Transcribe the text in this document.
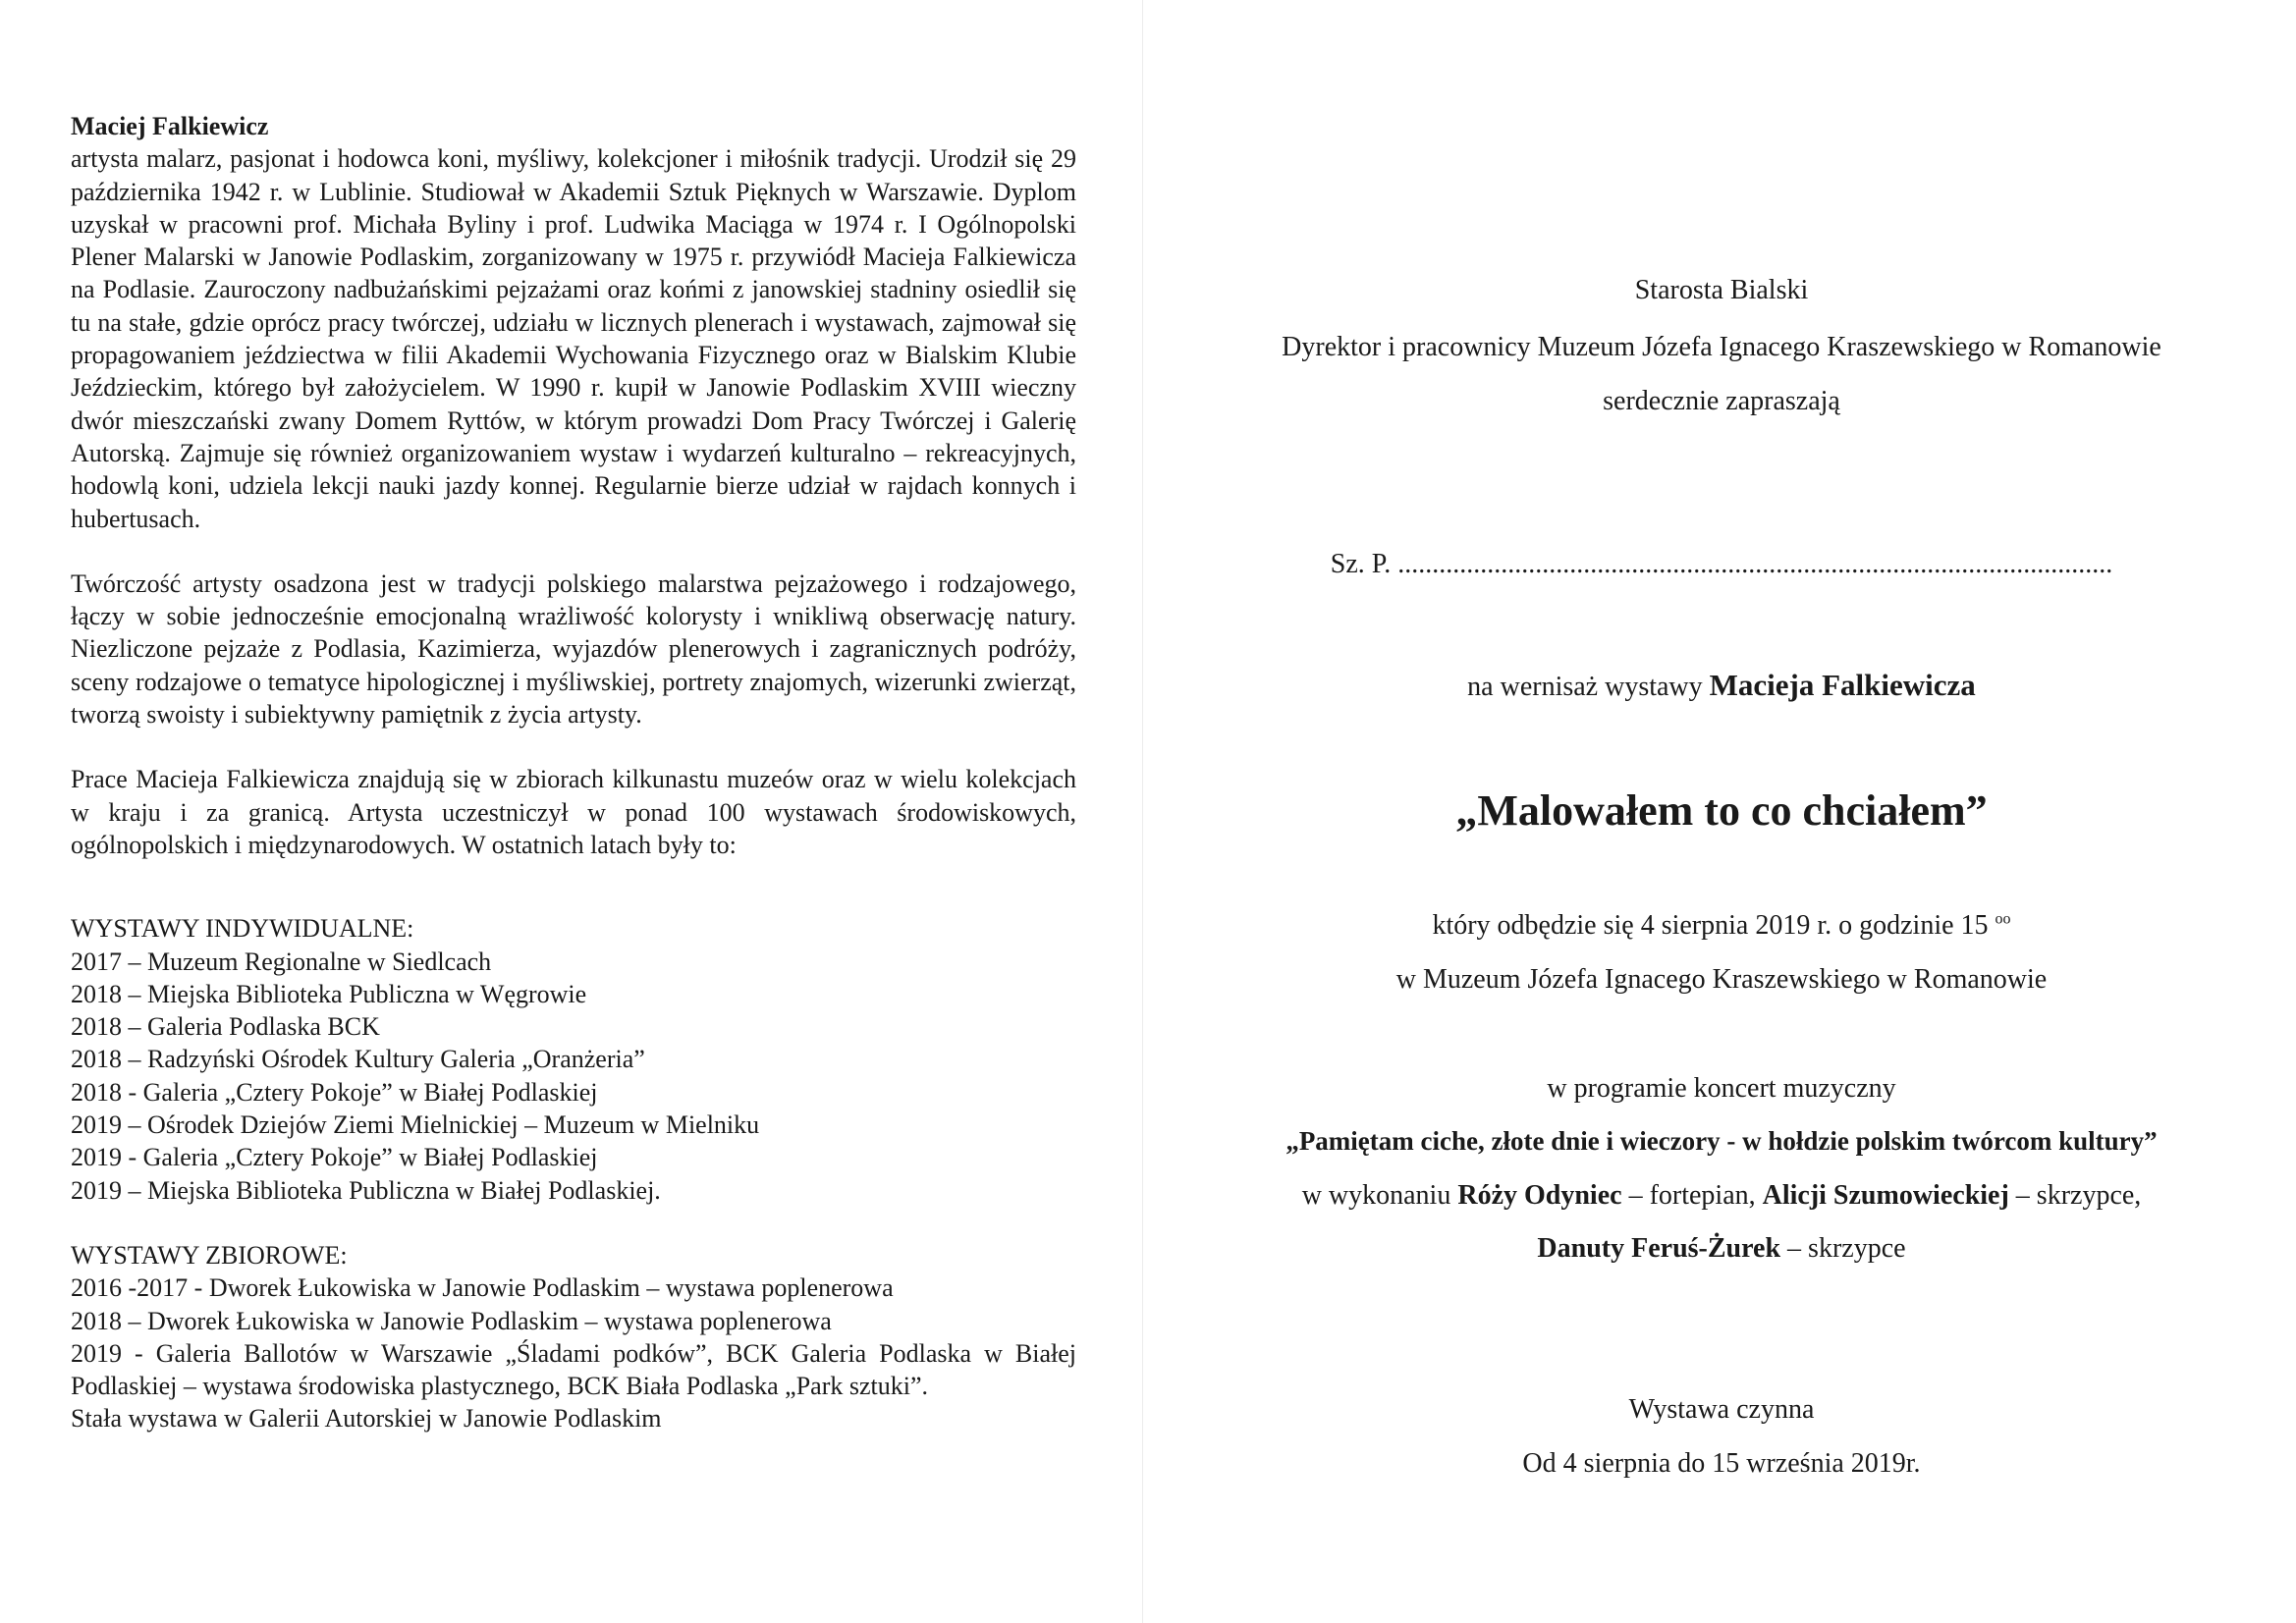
Maciej Falkiewicz

artysta malarz, pasjonat i hodowca koni, myśliwy, kolekcjoner i miłośnik tradycji. Urodził się 29 października 1942 r. w Lublinie. Studiował w Akademii Sztuk Pięknych w Warszawie. Dyplom uzyskał w pracowni prof. Michała Byliny i prof. Ludwika Maciąga w 1974 r. I Ogólnopolski Plener Malarski w Janowie Podlaskim, zorganizowany w 1975 r. przywiódł Macieja Falkiewicza na Podlasie. Zauroczony nadbużańskimi pejzażami oraz końmi z janowskiej stadniny osiedlił się tu na stałe, gdzie oprócz pracy twórczej, udziału w licznych plenerach i wystawach, zajmował się propagowaniem jeździectwa w filii Akademii Wychowania Fizycznego oraz w Bialskim Klubie Jeździeckim, którego był założycielem. W 1990 r. kupił w Janowie Podlaskim XVIII wieczny dwór mieszczański zwany Domem Ryttów, w którym prowadzi Dom Pracy Twórczej i Galerię Autorską. Zajmuje się również organizowaniem wystaw i wydarzeń kulturalno – rekreacyjnych, hodowlą koni, udziela lekcji nauki jazdy konnej. Regularnie bierze udział w rajdach konnych i hubertusach.

Twórczość artysty osadzona jest w tradycji polskiego malarstwa pejzażowego i rodzajowego, łączy w sobie jednocześnie emocjonalną wrażliwość kolorysty i wnikliwą obserwację natury. Niezliczone pejzaże z Podlasia, Kazimierza, wyjazdów plenerowych i zagranicznych podróży, sceny rodzajowe o tematyce hipologicznej i myśliwskiej, portrety znajomych, wizerunki zwierząt, tworzą swoisty i subiektywny pamiętnik z życia artysty.

Prace Macieja Falkiewicza znajdują się w zbiorach kilkunastu muzeów oraz w wielu kolekcjach w kraju i za granicą. Artysta uczestniczył w ponad 100 wystawach środowiskowych, ogólnopolskich i międzynarodowych. W ostatnich latach były to:

WYSTAWY INDYWIDUALNE:

2017 – Muzeum Regionalne w Siedlcach
2018 – Miejska Biblioteka Publiczna w Węgrowie
2018 – Galeria Podlaska BCK
2018 – Radzyński Ośrodek Kultury Galeria „Oranżeria”
2018 - Galeria „Cztery Pokoje” w Białej Podlaskiej
2019 – Ośrodek Dziejów Ziemi Mielnickiej – Muzeum w Mielniku
2019 - Galeria „Cztery Pokoje” w Białej Podlaskiej
2019 – Miejska Biblioteka Publiczna w Białej Podlaskiej.

WYSTAWY ZBIOROWE:

2016 -2017 - Dworek Łukowiska w Janowie Podlaskim – wystawa poplenerowa

2018 – Dworek Łukowiska w Janowie Podlaskim – wystawa poplenerowa

2019 - Galeria Ballotów w Warszawie „Śladami podków”, BCK Galeria Podlaska w Białej Podlaskiej – wystawa środowiska plastycznego, BCK Biała Podlaska „Park sztuki”.

Stała wystawa w Galerii Autorskiej w Janowie Podlaskim

Starosta Bialski

Dyrektor i pracownicy Muzeum Józefa Ignacego Kraszewskiego w Romanowie

serdecznie zapraszają

Sz. P. ........................................................................................................

na wernisaż wystawy Macieja Falkiewicza

„Malowałem to co chciałem”

który odbędzie się 4 sierpnia 2019 r. o godzinie 15 $^{oo}$

w Muzeum Józefa Ignacego Kraszewskiego w Romanowie

w programie koncert muzyczny

„Pamiętam ciche, złote dnie i wieczory - w hołdzie polskim twórcom kultury”

w wykonaniu Róży Odyniec – fortepian, Alicji Szumowieckiej – skrzypce,

Danuty Feruś-Żurek – skrzypce

Wystawa czynna

Od 4 sierpnia do 15 września 2019r.
